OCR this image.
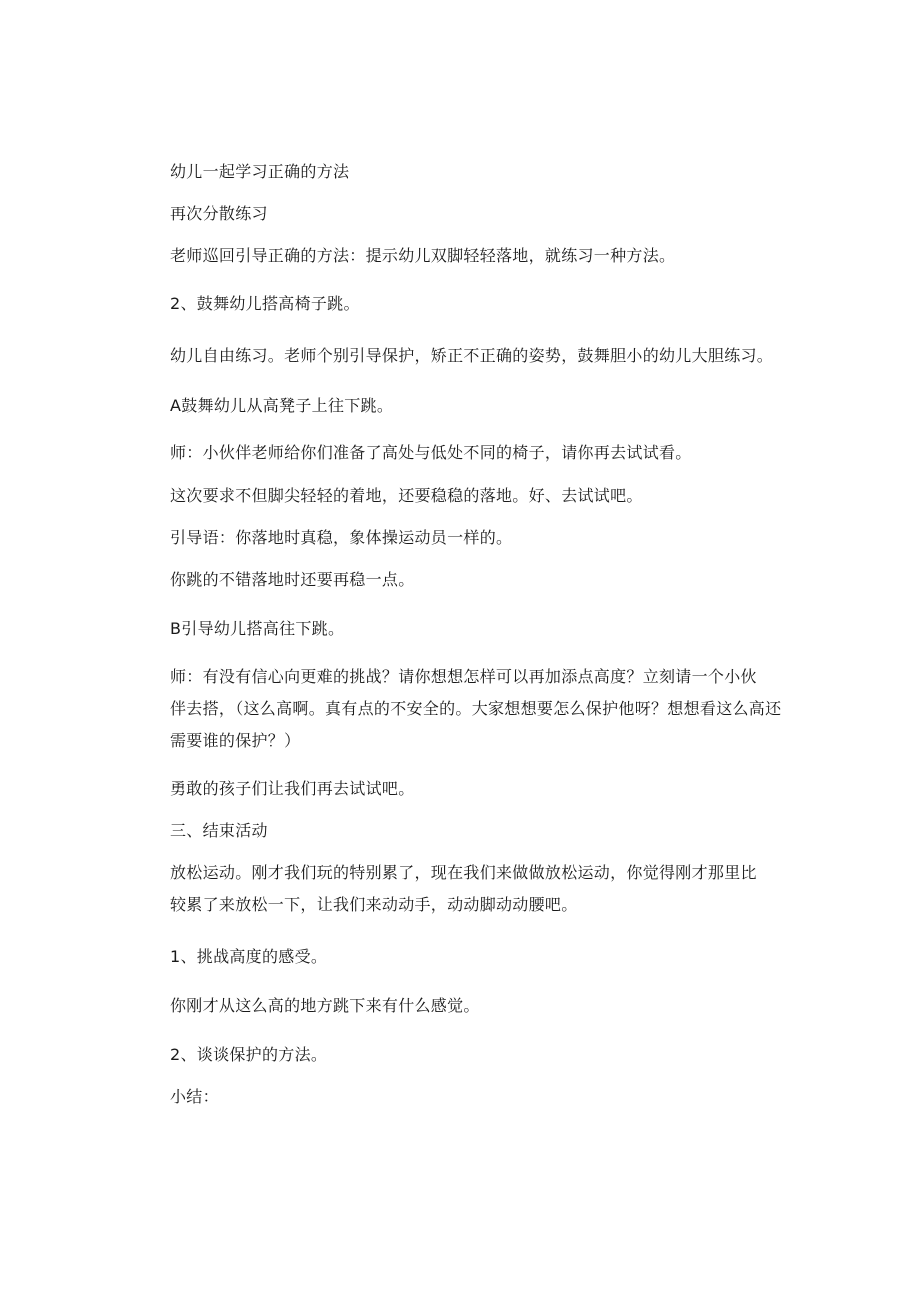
幼儿一起学习正确的方法
再次分散练习
老师巡回引导正确的方法：提示幼儿双脚轻轻落地，就练习一种方法。
2、鼓舞幼儿搭高椅子跳。
幼儿自由练习。老师个别引导保护，矫正不正确的姿势，鼓舞胆小的幼儿大胆练习。
A鼓舞幼儿从高凳子上往下跳。
师：小伙伴老师给你们准备了高处与低处不同的椅子，请你再去试试看。
这次要求不但脚尖轻轻的着地，还要稳稳的落地。好、去试试吧。
引导语：你落地时真稳，象体操运动员一样的。
你跳的不错落地时还要再稳一点。
B引导幼儿搭高往下跳。
师：有没有信心向更难的挑战？请你想想怎样可以再加添点高度？立刻请一个小伙
伴去搭，（这么高啊。真有点的不安全的。大家想想要怎么保护他呀？想想看这么高还
需要谁的保护？）
勇敢的孩子们让我们再去试试吧。
三、结束活动
放松运动。刚才我们玩的特别累了，现在我们来做做放松运动，你觉得刚才那里比
较累了来放松一下，让我们来动动手，动动脚动动腰吧。
1、挑战高度的感受。
你刚才从这么高的地方跳下来有什么感觉。
2、谈谈保护的方法。
小结：
